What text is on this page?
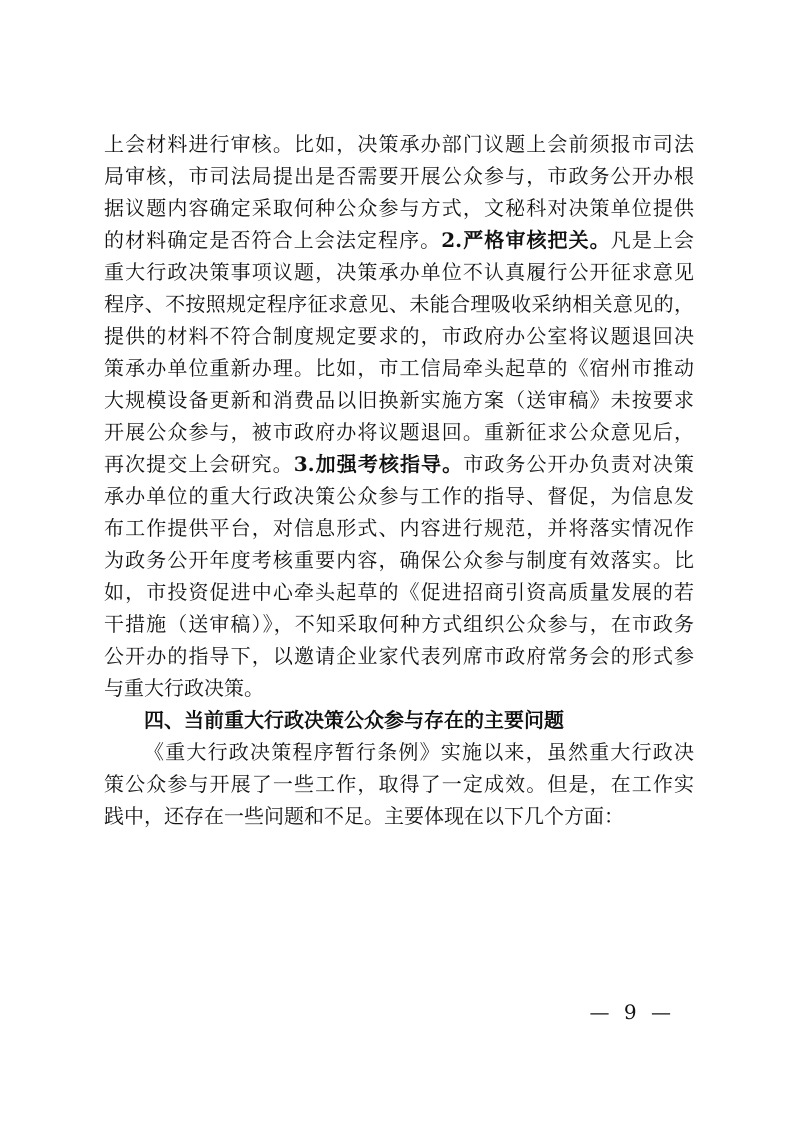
上会材料进行审核。比如，决策承办部门议题上会前须报市司法
局审核，市司法局提出是否需要开展公众参与，市政务公开办根
据议题内容确定采取何种公众参与方式，文秘科对决策单位提供
的材料确定是否符合上会法定程序。2.严格审核把关。凡是上会
重大行政决策事项议题，决策承办单位不认真履行公开征求意见
程序、不按照规定程序征求意见、未能合理吸收采纳相关意见的，
提供的材料不符合制度规定要求的，市政府办公室将议题退回决
策承办单位重新办理。比如，市工信局牵头起草的《宿州市推动
大规模设备更新和消费品以旧换新实施方案（送审稿》未按要求
开展公众参与，被市政府办将议题退回。重新征求公众意见后，
再次提交上会研究。3.加强考核指导。市政务公开办负责对决策
承办单位的重大行政决策公众参与工作的指导、督促，为信息发
布工作提供平台，对信息形式、内容进行规范，并将落实情况作
为政务公开年度考核重要内容，确保公众参与制度有效落实。比
如，市投资促进中心牵头起草的《促进招商引资高质量发展的若
干措施（送审稿）》，不知采取何种方式组织公众参与，在市政务
公开办的指导下，以邀请企业家代表列席市政府常务会的形式参
与重大行政决策。
四、当前重大行政决策公众参与存在的主要问题
《重大行政决策程序暂行条例》实施以来，虽然重大行政决
策公众参与开展了一些工作，取得了一定成效。但是，在工作实
践中，还存在一些问题和不足。主要体现在以下几个方面：
— 9 —
